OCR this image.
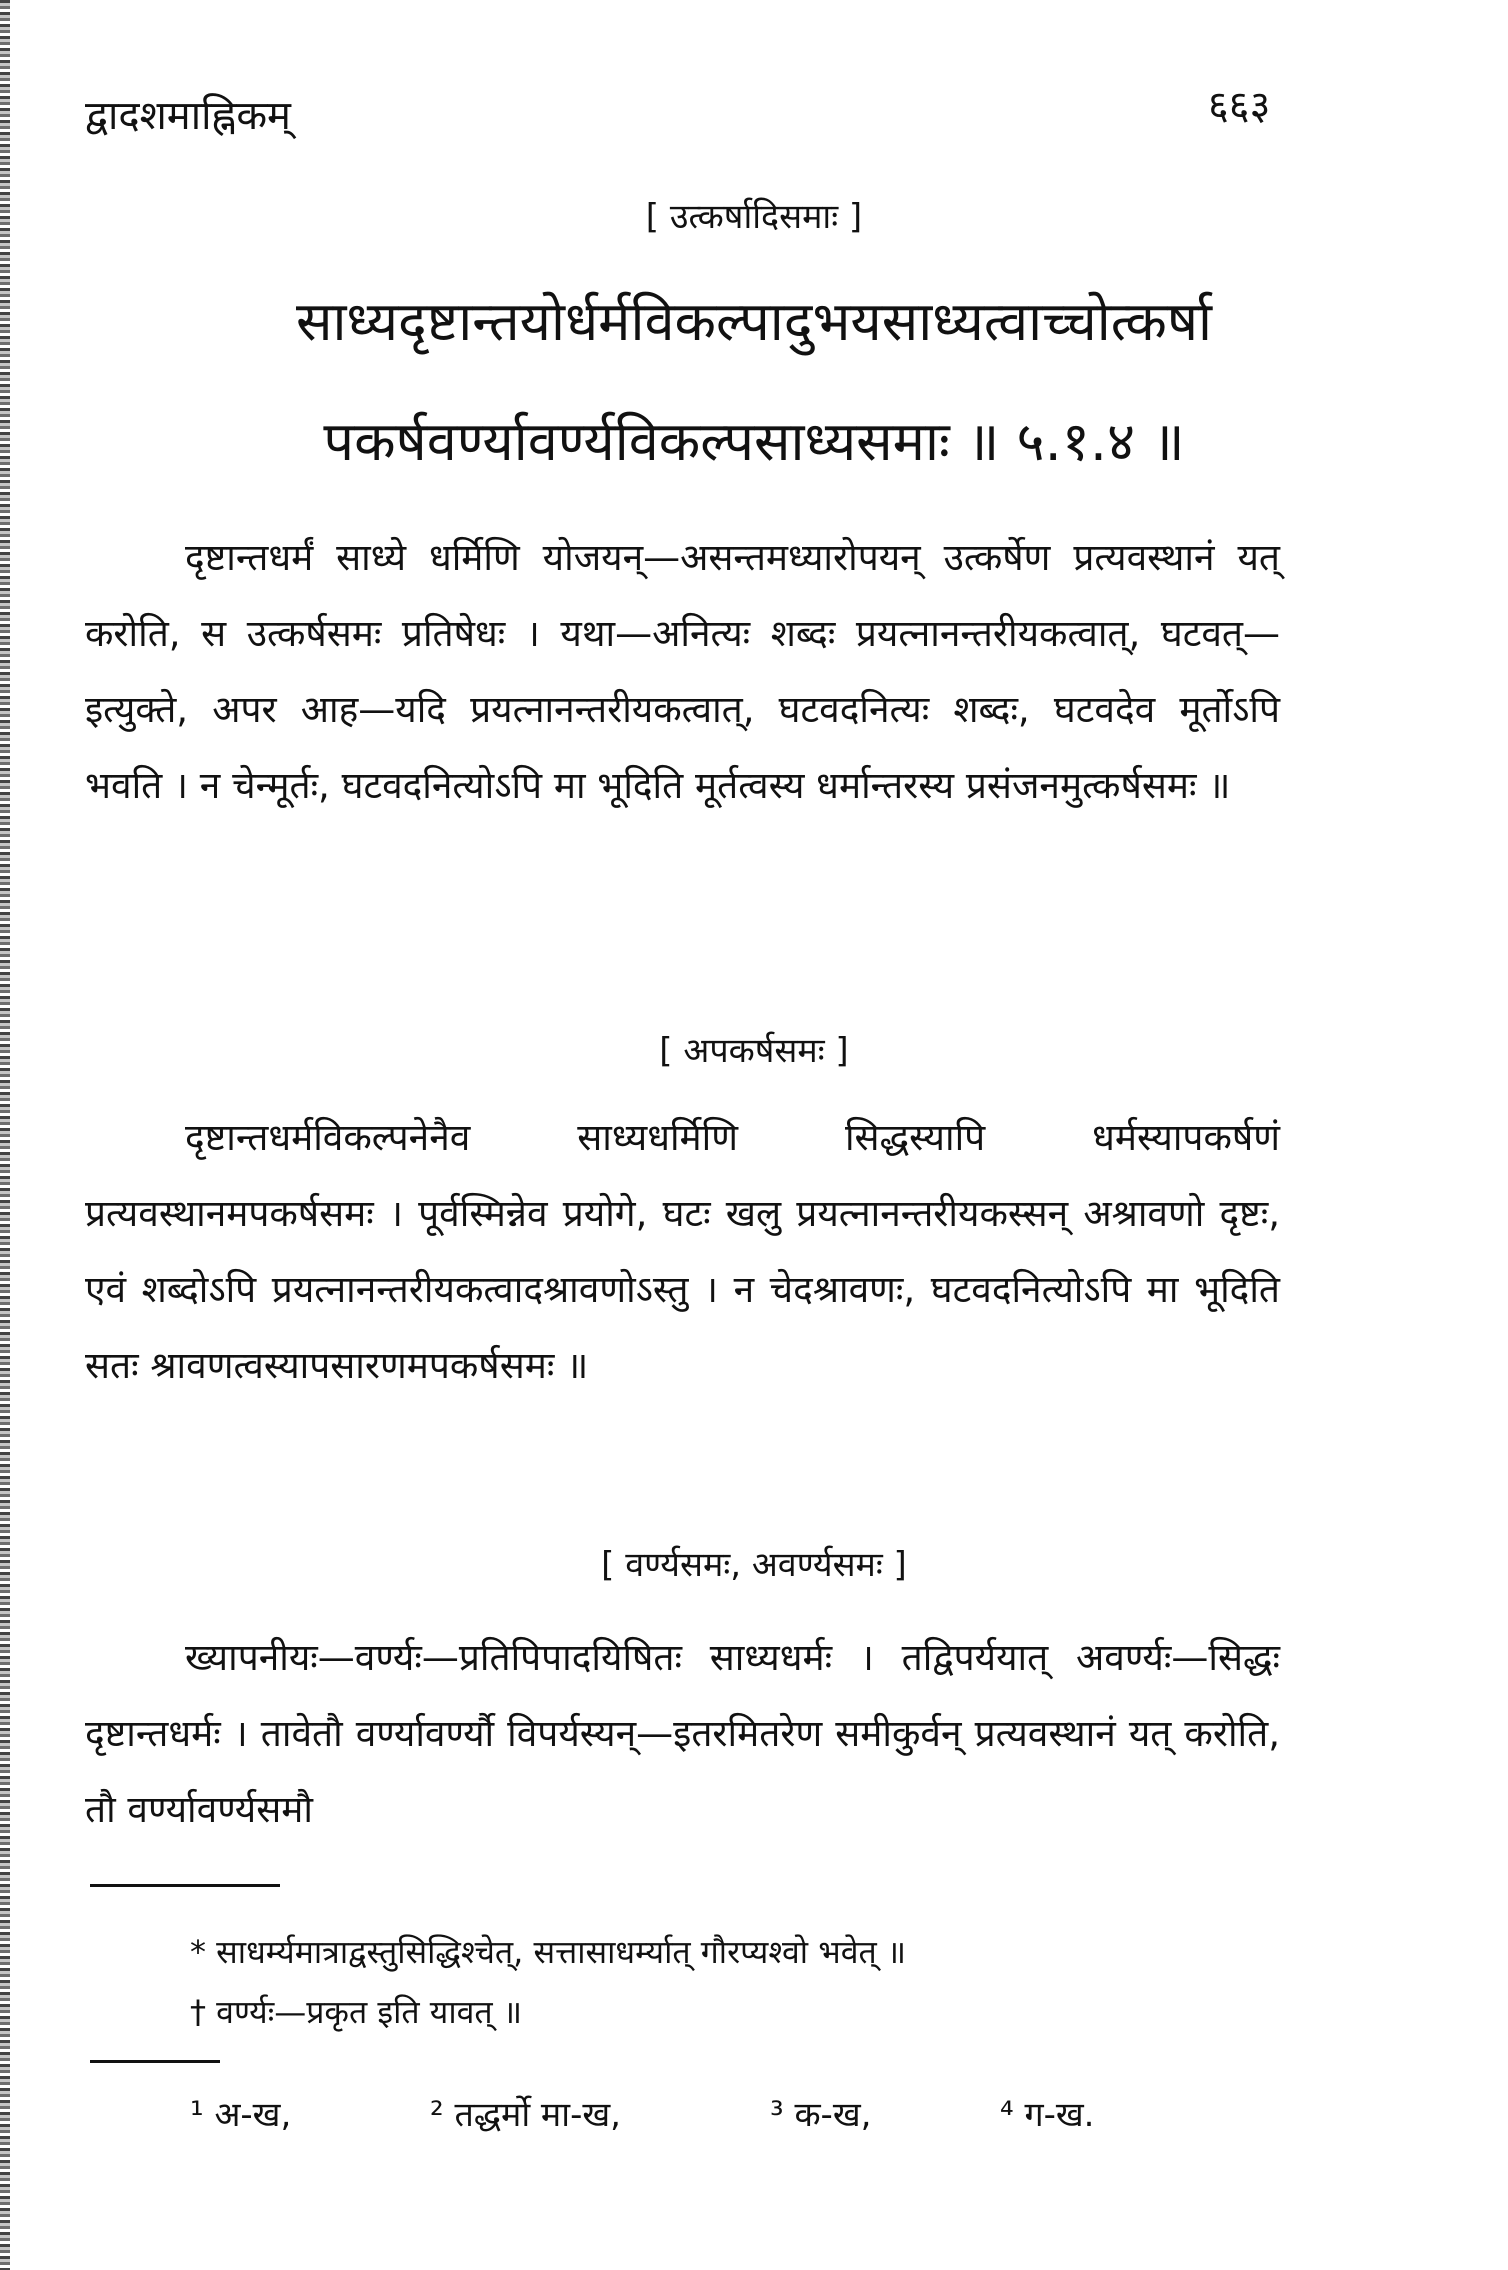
द्वादशमाह्निकम्	६६३
[ उत्कर्षादिसमाः ]
साध्यदृष्टान्तयोर्धर्मविकल्पादुभयसाध्यत्वाच्चोत्कर्षा
पकर्षवर्ण्यावर्ण्यविकल्पसाध्यसमाः ॥ ५.१.४ ॥
दृष्टान्तधर्मं साध्ये धर्मिणि योजयन्—असन्तमध्यारोपयन् उत्कर्षेण प्रत्यवस्थानं यत् करोति, स उत्कर्षसमः प्रतिषेधः । यथा—अनित्यः शब्दः प्रयत्नानन्तरीयकत्वात्, घटवत्—इत्युक्ते, अपर आह—यदि प्रयत्नानन्तरीयकत्वात्, घटवदनित्यः शब्दः, घटवदेव मूर्तोऽपि भवति । न चेन्मूर्तः, घटवदनित्योऽपि मा भूदिति मूर्तत्वस्य धर्मान्तरस्य प्रसंजनमुत्कर्षसमः ॥
[ अपकर्षसमः ]
दृष्टान्तधर्मविकल्पनेनैव साध्यधर्मिणि सिद्धस्यापि धर्मस्यापकर्षणं प्रत्यवस्थानमपकर्षसमः । पूर्वस्मिन्नेव प्रयोगे, घटः खलु प्रयत्नानन्तरीयकस्सन् अश्रावणो दृष्टः, एवं शब्दोऽपि प्रयत्नानन्तरीयकत्वादश्रावणोऽस्तु । न चेदश्रावणः, घटवदनित्योऽपि मा भूदिति सतः श्रावणत्वस्यापसारणमपकर्षसमः ॥
[ वर्ण्यसमः, अवर्ण्यसमः ]
ख्यापनीयः—वर्ण्यः—प्रतिपिपादयिषितः साध्यधर्मः । तद्विपर्ययात् अवर्ण्यः—सिद्धः दृष्टान्तधर्मः । तावेतौ वर्ण्यावर्ण्यौ विपर्यस्यन्—इतरमितरेण समीकुर्वन् प्रत्यवस्थानं यत् करोति, तौ वर्ण्यावर्ण्यसमौ
* साधर्म्यमात्राद्वस्तुसिद्धिश्चेत्, सत्तासाधर्म्यात् गौरप्यश्वो भवेत् ॥
† वर्ण्यः—प्रकृत इति यावत् ॥
¹ अ-ख,	² तद्धर्मो मा-ख,	³ क-ख,	⁴ ग-ख.
